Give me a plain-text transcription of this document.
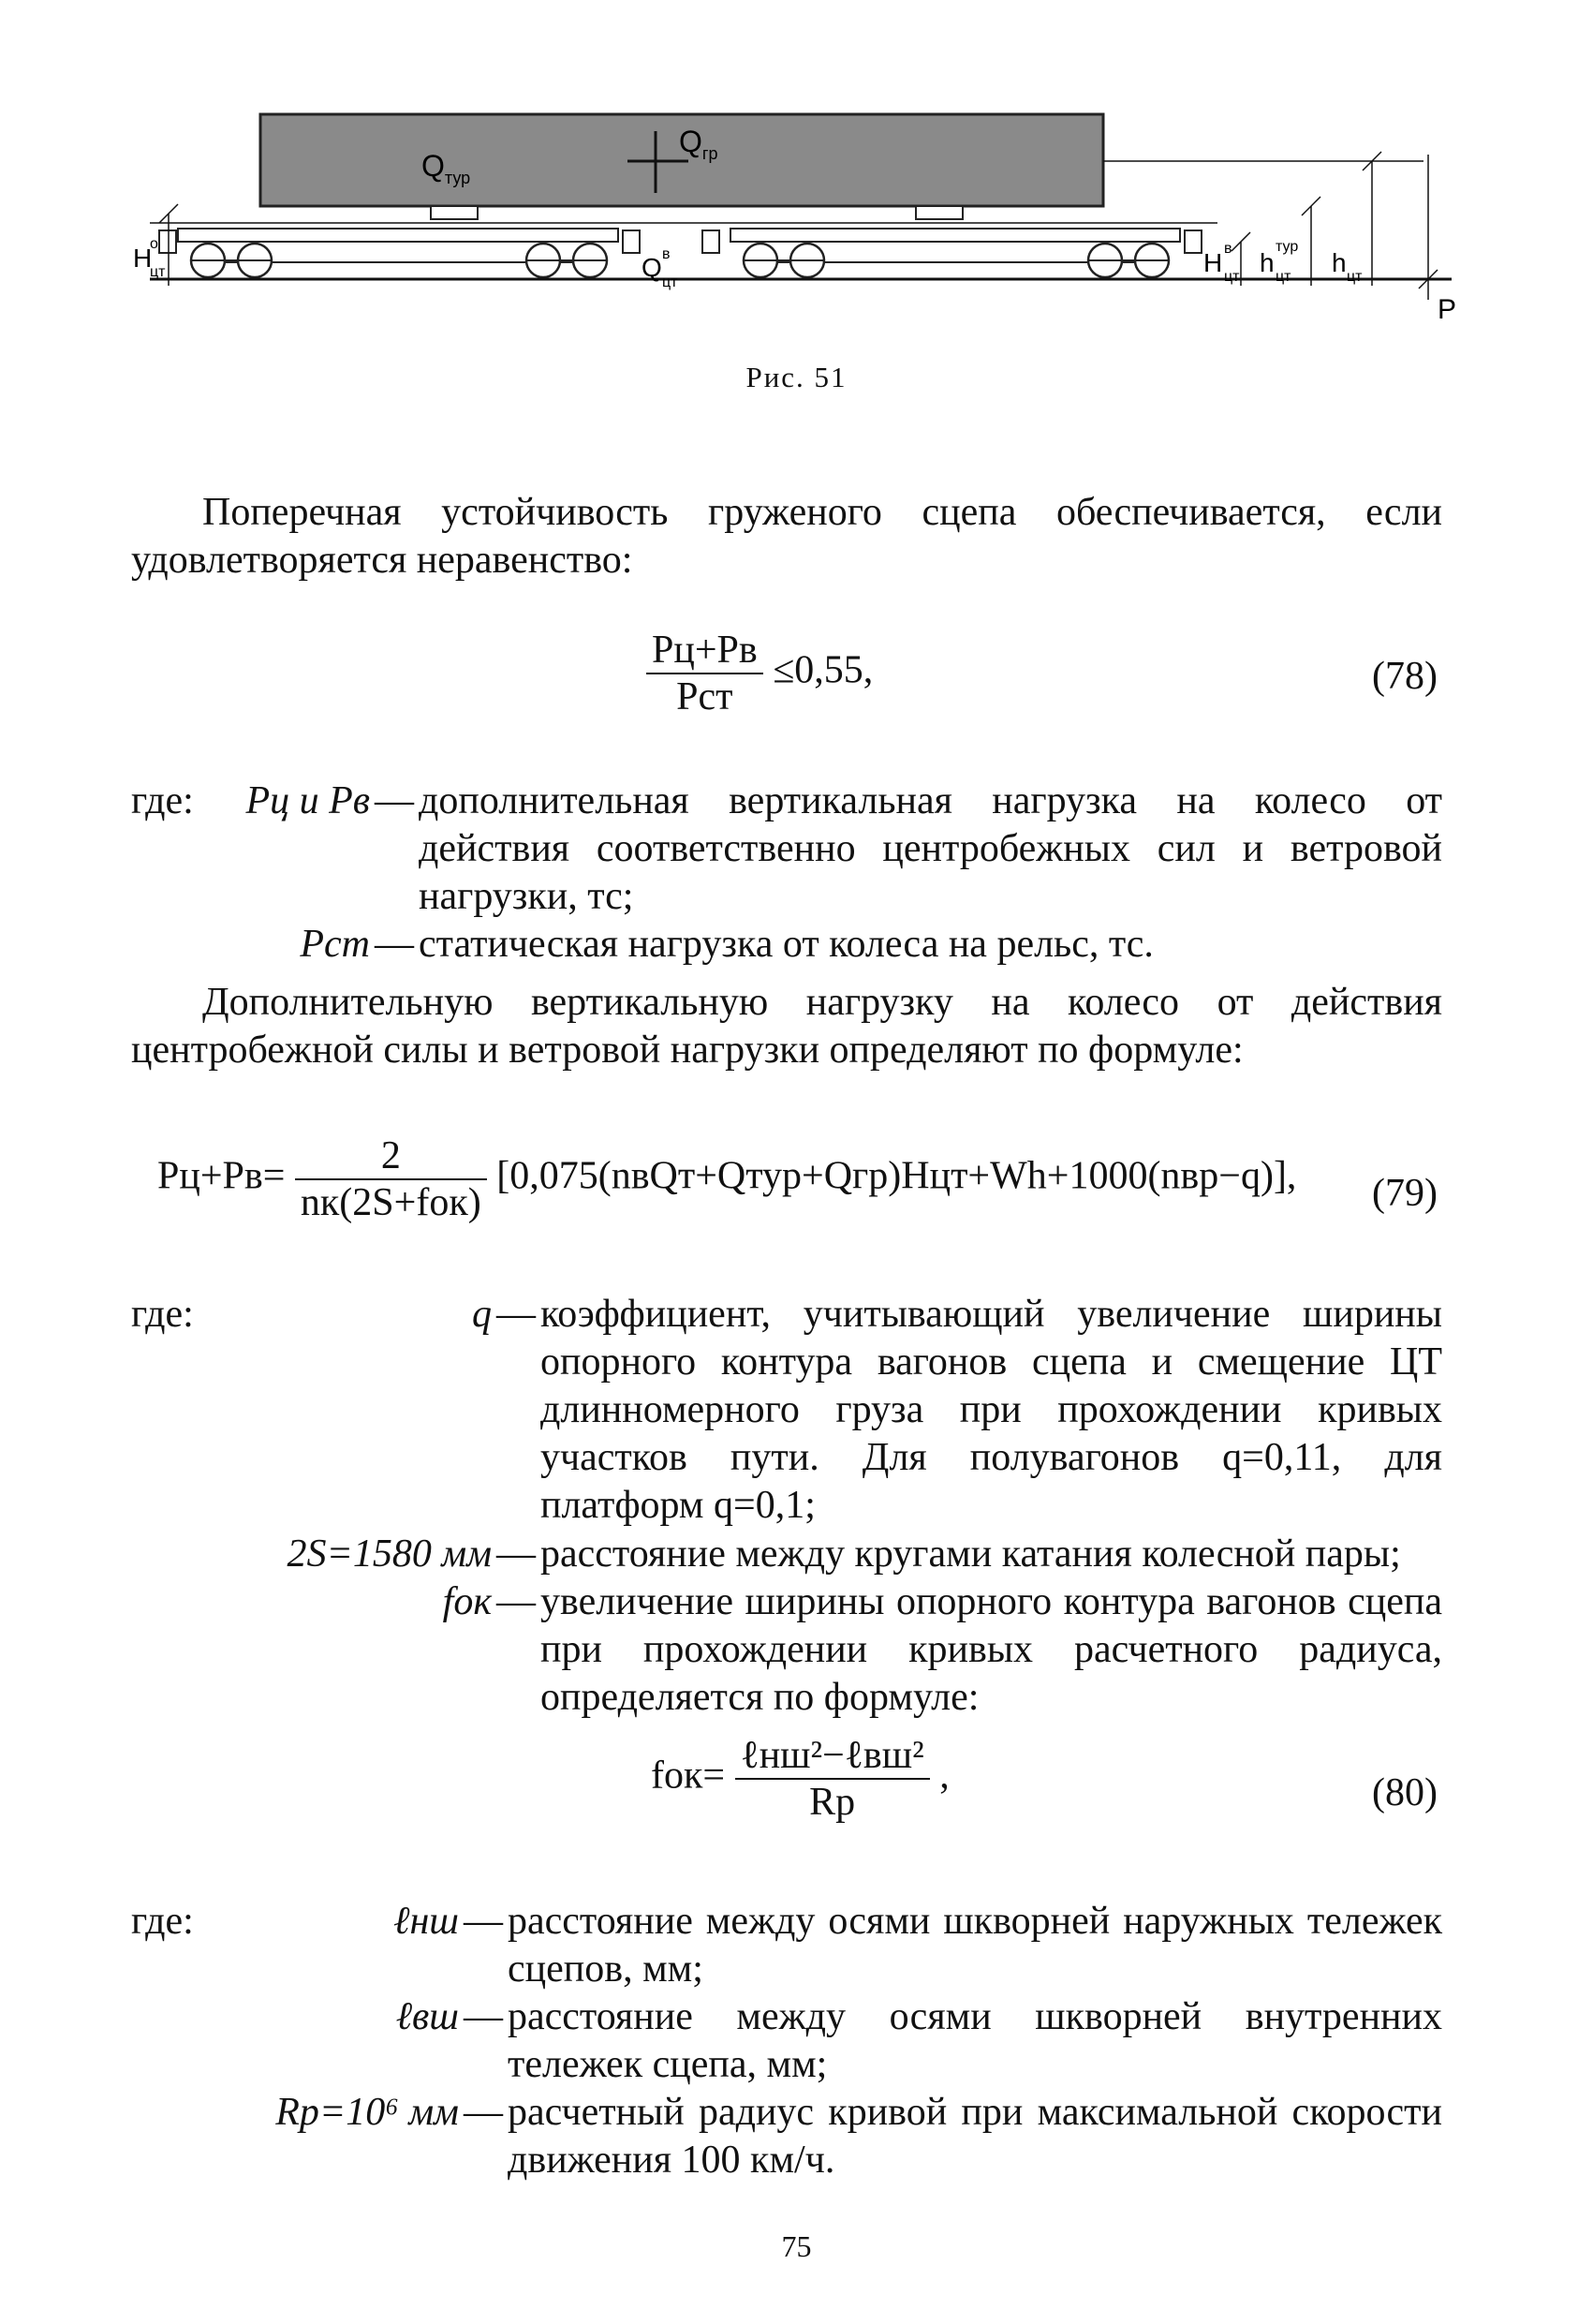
$Q_{тур}$
$Q_{гр}$
H
о
цт	Q в
цт
H в
цт h
тур
цт h цт
P
Рис. 51
Поперечная устойчивость груженого сцепа обеспечивается, если удовлетворяется неравенство:
$\frac{Pц+Pв}{\text{Pст}} \le 0,55$,	(78)
где:	Pц и Pв — дополнительная вертикальная нагрузка на колесо от действия соответственно центробежных сил и ветровой нагрузки, тс;
Pст — статическая нагрузка от колеса на рельс, тс.
Дополнительную вертикальную нагрузку на колесо от действия центробежной силы и ветровой нагрузки определяют по формуле:
$Pц+Pв= \frac{2}{\text{nк(2S+fок)}}$ [0,075(nвQт+Qтур+Qгр)Hцт+Wh+1000(nвp−q)], (79)
где:	q — коэффициент, учитывающий увеличение ширины опорного контура вагонов сцепа и смещение ЦТ длинномерного груза при прохождении кривых участков пути. Для полувагонов q=0,11, для платформ q=0,1;
2S=1580 мм — расстояние между кругами катания колесной пары;
fок — увеличение ширины опорного контура вагонов сцепа при прохождении кривых расчетного радиуса, определяется по формуле:
$fок= \frac{\text{ℓнш²−ℓвш²}}{Rр}$ ,	(80)
где:	ℓнш — расстояние между осями шкворней наружных тележек сцепов, мм;
ℓвш — расстояние между осями шкворней внутренних тележек сцепа, мм;
Rр=10⁶ мм — расчетный радиус кривой при максимальной скорости движения 100 км/ч.
75
